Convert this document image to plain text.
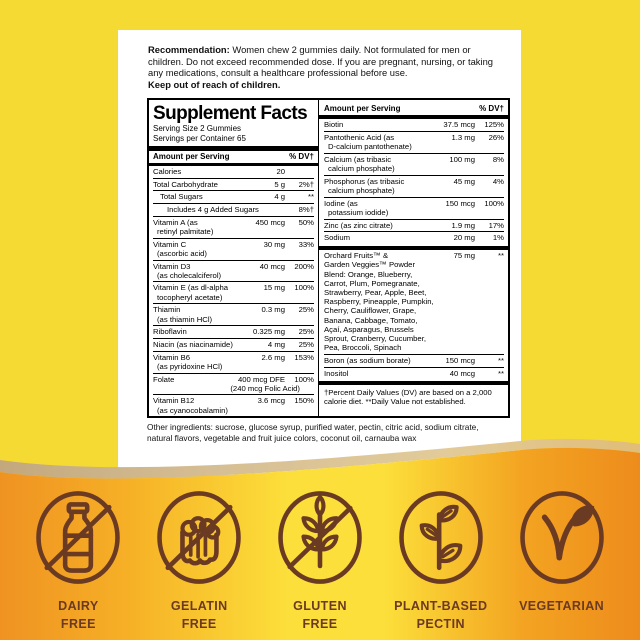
Recommendation: Women chew 2 gummies daily. Not formulated for men or children. Do not exceed recommended dose. If you are pregnant, nursing, or taking any medications, consult a healthcare professional before use.
Keep out of reach of children.

Supplement Facts
Serving Size 2 Gummies
Servings per Container 65
Amount per Serving	% DV†
Calories	20
Total Carbohydrate	5 g	2%†
Total Sugars	4 g	**
Includes 4 g Added Sugars	8%†
Vitamin A (as	450 mcg	50%
retinyl palmitate)
Vitamin C	30 mg	33%
(ascorbic acid)
Vitamin D3	40 mcg	200%
(as cholecalciferol)
Vitamin E (as dl-alpha	15 mg	100%
tocopheryl acetate)
Thiamin	0.3 mg	25%
(as thiamin HCl)
Riboflavin	0.325 mg	25%
Niacin (as niacinamide)	4 mg	25%
Vitamin B6	2.6 mg	153%
(as pyridoxine HCl)
Folate	400 mcg DFE	100%
(240 mcg Folic Acid)
Vitamin B12	3.6 mcg	150%
(as cyanocobalamin)
Amount per Serving	% DV†
Biotin	37.5 mcg	125%
Pantothenic Acid (as	1.3 mg	26%
D-calcium pantothenate)
Calcium (as tribasic	100 mg	8%
calcium phosphate)
Phosphorus (as tribasic	45 mg	4%
calcium phosphate)
Iodine (as	150 mcg	100%
potassium iodide)
Zinc (as zinc citrate)	1.9 mg	17%
Sodium	20 mg	1%
Orchard Fruits™ &	75 mg	**
Garden Veggies™ Powder
Blend: Orange, Blueberry,
Carrot, Plum, Pomegranate,
Strawberry, Pear, Apple, Beet,
Raspberry, Pineapple, Pumpkin,
Cherry, Cauliflower, Grape,
Banana, Cabbage, Tomato,
Açaí, Asparagus, Brussels
Sprout, Cranberry, Cucumber,
Pea, Broccoli, Spinach
Boron (as sodium borate)	150 mcg	**
Inositol	40 mcg	**
†Percent Daily Values (DV) are based on a 2,000 calorie diet. **Daily Value not established.

Other ingredients: sucrose, glucose syrup, purified water, pectin, citric acid, sodium citrate, natural flavors, vegetable and fruit juice colors, coconut oil, carnauba wax

DAIRY
FREE
GELATIN
FREE
GLUTEN
FREE
PLANT-BASED
PECTIN
VEGETARIAN
